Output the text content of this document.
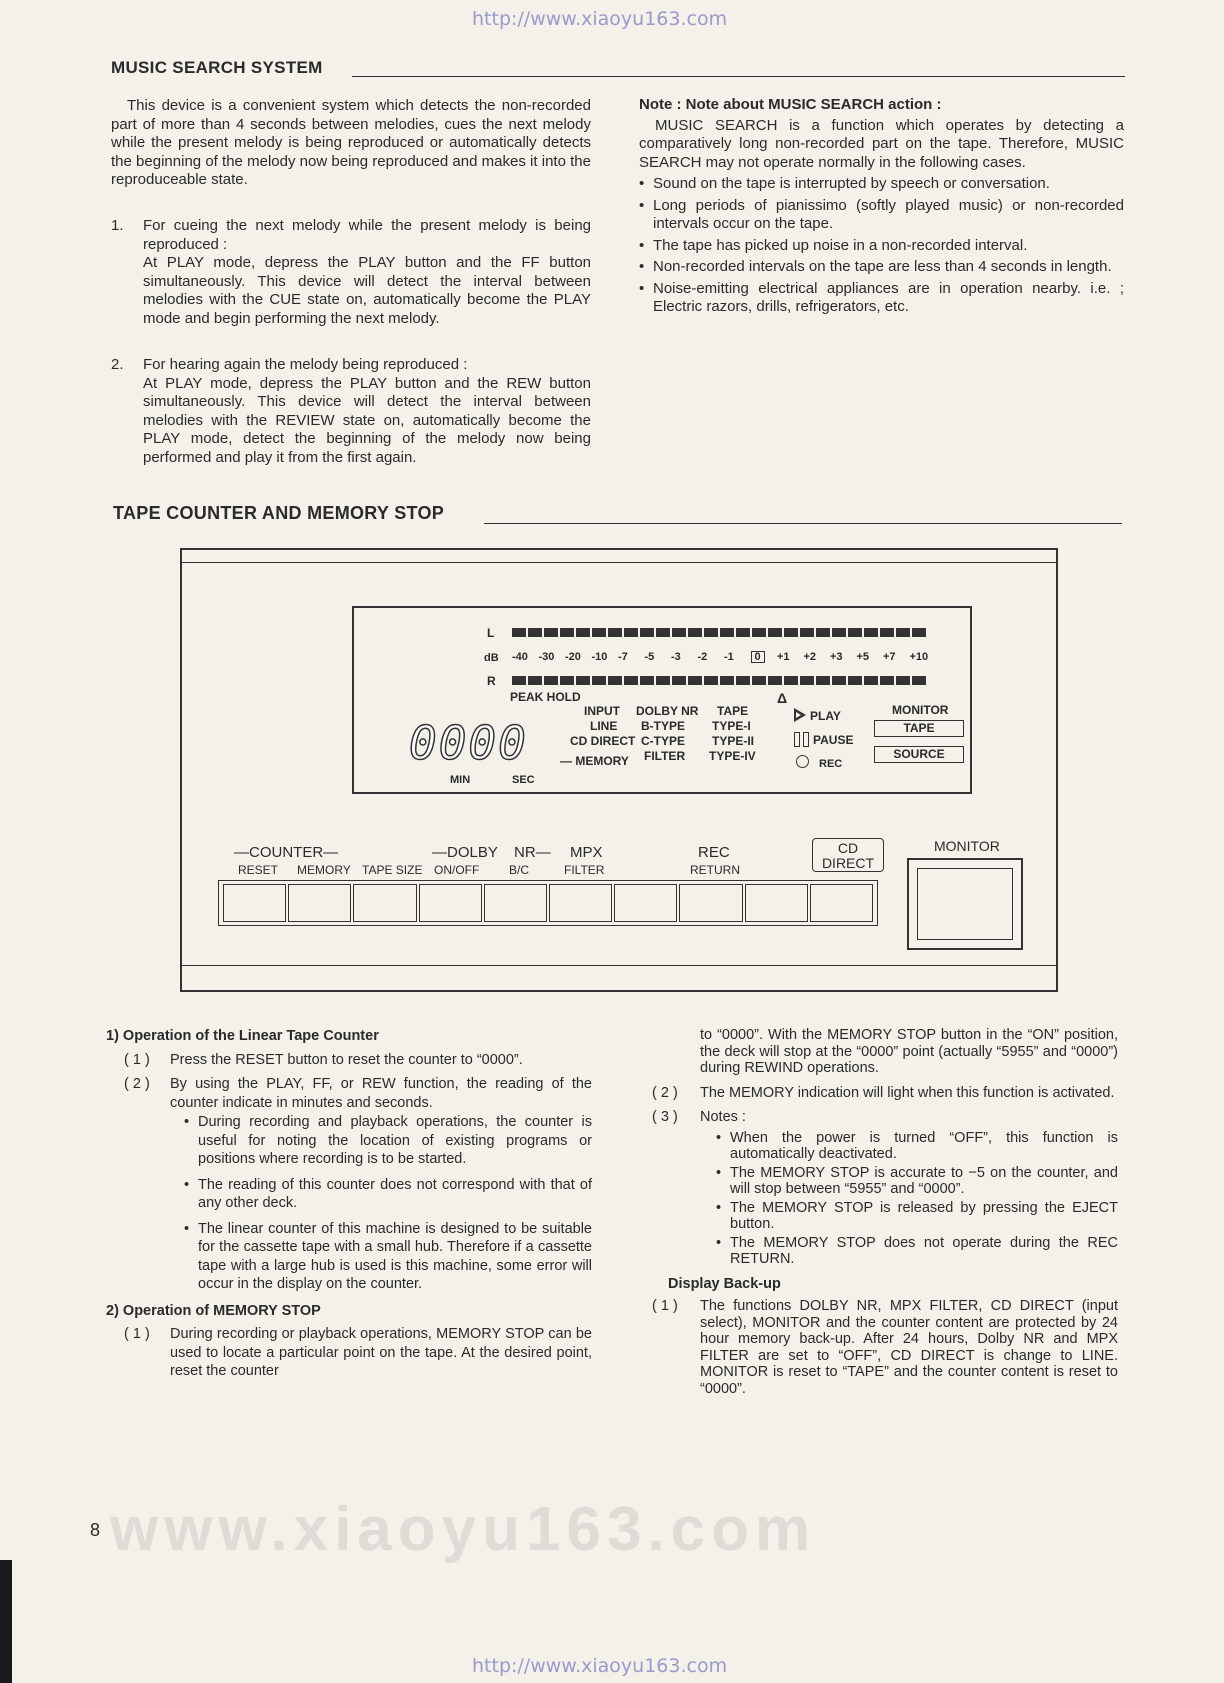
http://www.xiaoyu163.com
MUSIC SEARCH SYSTEM

This device is a convenient system which detects the non-recorded part of more than 4 seconds between melodies, cues the next melody while the present melody is being reproduced or automatically detects the beginning of the melody now being reproduced and makes it into the reproduceable state.

1. For cueing the next melody while the present melody is being reproduced :

At PLAY mode, depress the PLAY button and the FF button simultaneously. This device will detect the interval between melodies with the CUE state on, automatically become the PLAY mode and begin performing the next melody.

2. For hearing again the melody being reproduced :

At PLAY mode, depress the PLAY button and the REW button simultaneously. This device will detect the interval between melodies with the REVIEW state on, automatically become the PLAY mode, detect the beginning of the melody now being performed and play it from the first again.

Note : Note about MUSIC SEARCH action :

MUSIC SEARCH is a function which operates by detecting a comparatively long non-recorded part on the tape. Therefore, MUSIC SEARCH may not operate normally in the following cases.

• Sound on the tape is interrupted by speech or conversation.
• Long periods of pianissimo (softly played music) or non-recorded intervals occur on the tape.
• The tape has picked up noise in a non-recorded interval.
• Non-recorded intervals on the tape are less than 4 seconds in length.
• Noise-emitting electrical appliances are in operation nearby. i.e. ; Electric razors, drills, refrigerators, etc.
TAPE COUNTER AND MEMORY STOP
L
dB -40 -30 -20 -10 -7 -5 -3 -2 -1	0	+1 +2 +3 +5 +7 +10
R
PEAK HOLD	Δ
0000
MIN	SEC
INPUT
LINE
CD DIRECT
— MEMORY
DOLBY NR
B-TYPE
C-TYPE
FILTER
TAPE
TYPE-I
TYPE-II
TYPE-IV
PLAY
PAUSE
REC
MONITOR
TAPE
SOURCE
—COUNTER—
RESET MEMORY TAPE SIZE
—DOLBY NR—
ON/OFF B/C
MPX
FILTER
REC
RETURN
CD
DIRECT
MONITOR

1) Operation of the Linear Tape Counter

( 1 ) Press the RESET button to reset the counter to “0000”.

( 2 ) By using the PLAY, FF, or REW function, the reading of the counter indicate in minutes and seconds.

• During recording and playback operations, the counter is useful for noting the location of existing programs or positions where recording is to be started.
• The reading of this counter does not correspond with that of any other deck.
• The linear counter of this machine is designed to be suitable for the cassette tape with a small hub. Therefore if a cassette tape with a large hub is used is this machine, some error will occur in the display on the counter.

2) Operation of MEMORY STOP

( 1 ) During recording or playback operations, MEMORY STOP can be used to locate a particular point on the tape. At the desired point, reset the counter

to “0000”. With the MEMORY STOP button in the “ON” position, the deck will stop at the “0000” point (actually “5955” and “0000”) during REWIND operations.

( 2 ) The MEMORY indication will light when this function is activated.

( 3 ) Notes :

• When the power is turned “OFF”, this function is automatically deactivated.
• The MEMORY STOP is accurate to −5 on the counter, and will stop between “5955” and “0000”.
• The MEMORY STOP is released by pressing the EJECT button.
• The MEMORY STOP does not operate during the REC RETURN.

Display Back-up

( 1 ) The functions DOLBY NR, MPX FILTER, CD DIRECT (input select), MONITOR and the counter content are protected by 24 hour memory back-up. After 24 hours, Dolby NR and MPX FILTER are set to “OFF”, CD DIRECT is change to LINE. MONITOR is reset to “TAPE” and the counter content is reset to “0000”.

www.xiaoyu163.com
8
http://www.xiaoyu163.com
